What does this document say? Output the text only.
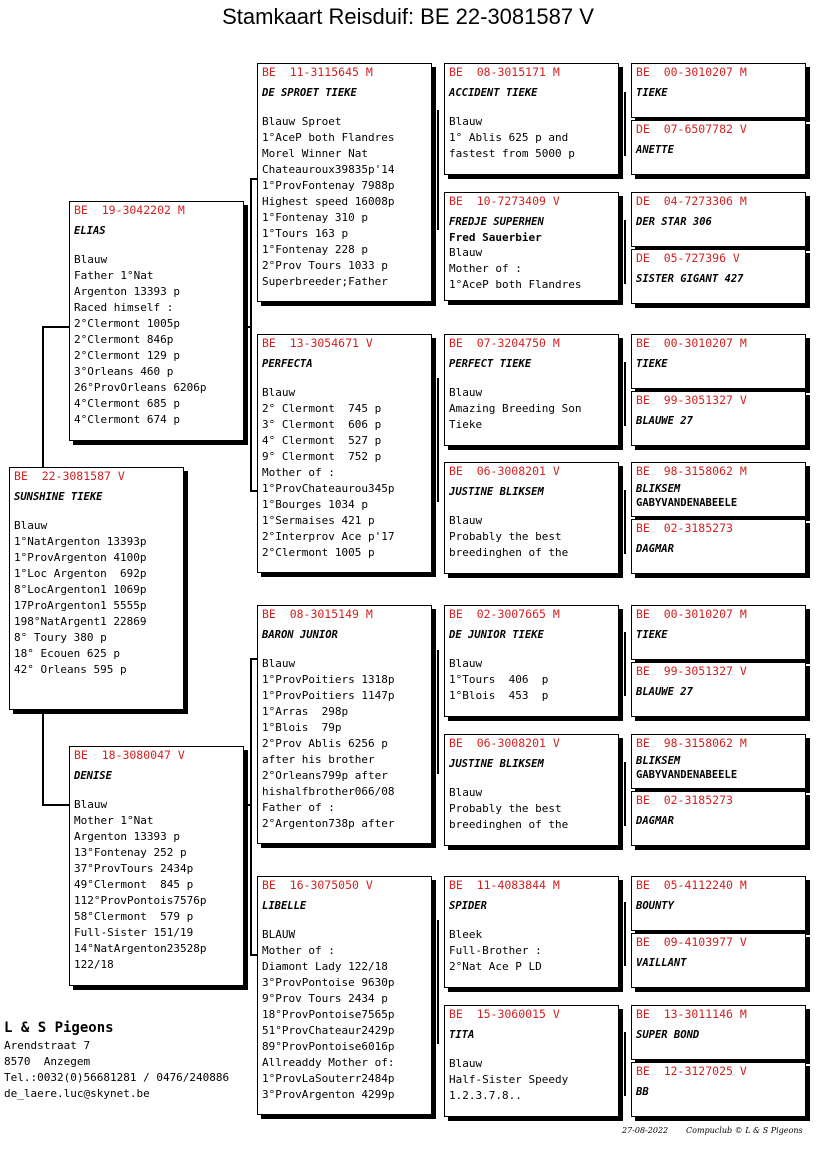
Stamkaart Reisduif: BE 22-3081587 V
BE  22-3081587 V
SUNSHINE TIEKE
Blauw
1°NatArgenton 13393p
1°ProvArgenton 4100p
1°Loc Argenton  692p
8°LocArgenton1 1069p
17ProArgenton1 5555p
198°NatArgent1 22869
8° Toury 380 p
18° Ecouen 625 p
42° Orleans 595 p
BE  19-3042202 M
ELIAS
Blauw
Father 1°Nat
Argenton 13393 p
Raced himself :
2°Clermont 1005p
2°Clermont 846p
2°Clermont 129 p
3°Orleans 460 p
26°ProvOrleans 6206p
4°Clermont 685 p
4°Clermont 674 p
BE  18-3080047 V
DENISE
Blauw
Mother 1°Nat
Argenton 13393 p
13°Fontenay 252 p
37°ProvTours 2434p
49°Clermont  845 p
112°ProvPontois7576p
58°Clermont  579 p
Full-Sister 151/19
14°NatArgenton23528p
122/18
BE  11-3115645 M
DE SPROET TIEKE
Blauw Sproet
1°AceP both Flandres
Morel Winner Nat
Chateauroux39835p'14
1°ProvFontenay 7988p
Highest speed 16008p
1°Fontenay 310 p
1°Tours 163 p
1°Fontenay 228 p
2°Prov Tours 1033 p
Superbreeder;Father
BE  13-3054671 V
PERFECTA
Blauw
2° Clermont  745 p
3° Clermont  606 p
4° Clermont  527 p
9° Clermont  752 p
Mother of :
1°ProvChateaurou345p
1°Bourges 1034 p
1°Sermaises 421 p
2°Interprov Ace p'17
2°Clermont 1005 p
BE  08-3015149 M
BARON JUNIOR
Blauw
1°ProvPoitiers 1318p
1°ProvPoitiers 1147p
1°Arras  298p
1°Blois  79p
2°Prov Ablis 6256 p
after his brother
2°Orleans799p after
hishalfbrother066/08
Father of :
2°Argenton738p after
BE  16-3075050 V
LIBELLE
BLAUW
Mother of :
Diamont Lady 122/18
3°ProvPontoise 9630p
9°Prov Tours 2434 p
18°ProvPontoise7565p
51°ProvChateaur2429p
89°ProvPontoise6016p
Allreaddy Mother of:
1°ProvLaSouterr2484p
3°ProvArgenton 4299p
BE  08-3015171 M
ACCIDENT TIEKE
Blauw
1° Ablis 625 p and
fastest from 5000 p
BE  10-7273409 V
FREDJE SUPERHEN
Fred Sauerbier
Blauw
Mother of :
1°AceP both Flandres
BE  07-3204750 M
PERFECT TIEKE
Blauw
Amazing Breeding Son
Tieke
BE  06-3008201 V
JUSTINE BLIKSEM
Blauw
Probably the best
breedinghen of the
BE  02-3007665 M
DE JUNIOR TIEKE
Blauw
1°Tours  406  p
1°Blois  453  p
BE  06-3008201 V
JUSTINE BLIKSEM
Blauw
Probably the best
breedinghen of the
BE  11-4083844 M
SPIDER
Bleek
Full-Brother :
2°Nat Ace P LD
BE  15-3060015 V
TITA
Blauw
Half-Sister Speedy
1.2.3.7.8..
BE  00-3010207 M
TIEKE
DE  07-6507782 V
ANETTE
DE  04-7273306 M
DER STAR 306
DE  05-727396 V
SISTER GIGANT 427
BE  00-3010207 M
TIEKE
BE  99-3051327 V
BLAUWE 27
BE  98-3158062 M
BLIKSEM
GABYVANDENABEELE
BE  02-3185273
DAGMAR
BE  00-3010207 M
TIEKE
BE  99-3051327 V
BLAUWE 27
BE  98-3158062 M
BLIKSEM
GABYVANDENABEELE
BE  02-3185273
DAGMAR
BE  05-4112240 M
BOUNTY
BE  09-4103977 V
VAILLANT
BE  13-3011146 M
SUPER BOND
BE  12-3127025 V
BB
L & S Pigeons
Arendstraat 7
8570  Anzegem
Tel.:0032(0)56681281 / 0476/240886
de_laere.luc@skynet.be
27-08-2022 Compuclub © L & S Pigeons
